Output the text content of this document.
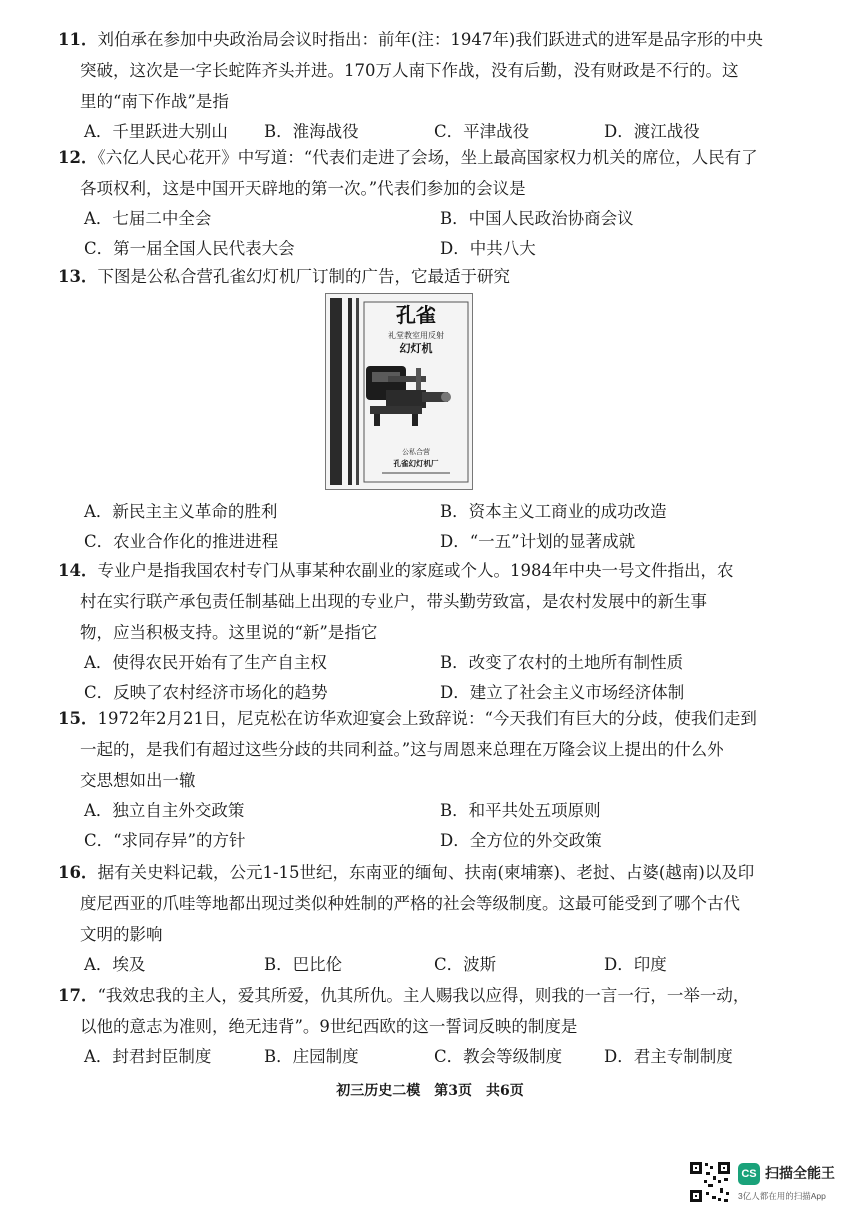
11．刘伯承在参加中央政治局会议时指出：前年(注：1947年)我们跃进式的进军是品字形的中央
突破，这次是一字长蛇阵齐头并进。170万人南下作战，没有后勤，没有财政是不行的。这
里的“南下作战”是指
A．千里跃进大别山	B．淮海战役	C．平津战役	D．渡江战役
12．《六亿人民心花开》中写道：“代表们走进了会场，坐上最高国家权力机关的席位，人民有了
各项权利，这是中国开天辟地的第一次。”代表们参加的会议是
A．七届二中全会	B．中国人民政治协商会议
C．第一届全国人民代表大会	D．中共八大
13．下图是公私合营孔雀幻灯机厂订制的广告，它最适于研究
孔雀
礼堂教室用反射
幻灯机
公私合营
孔雀幻灯机厂
A．新民主主义革命的胜利	B．资本主义工商业的成功改造
C．农业合作化的推进进程	D．“一五”计划的显著成就
14．专业户是指我国农村专门从事某种农副业的家庭或个人。1984年中央一号文件指出，农
村在实行联产承包责任制基础上出现的专业户，带头勤劳致富，是农村发展中的新生事
物，应当积极支持。这里说的“新”是指它
A．使得农民开始有了生产自主权	B．改变了农村的土地所有制性质
C．反映了农村经济市场化的趋势	D．建立了社会主义市场经济体制
15．1972年2月21日，尼克松在访华欢迎宴会上致辞说：“今天我们有巨大的分歧，使我们走到
一起的，是我们有超过这些分歧的共同利益。”这与周恩来总理在万隆会议上提出的什么外
交思想如出一辙
A．独立自主外交政策	B．和平共处五项原则
C．“求同存异”的方针	D．全方位的外交政策
16．据有关史料记载，公元1-15世纪，东南亚的缅甸、扶南(柬埔寨)、老挝、占婆(越南)以及印
度尼西亚的爪哇等地都出现过类似种姓制的严格的社会等级制度。这最可能受到了哪个古代
文明的影响
A．埃及	B．巴比伦	C．波斯	D．印度
17．“我效忠我的主人，爱其所爱，仇其所仇。主人赐我以应得，则我的一言一行，一举一动，
以他的意志为准则，绝无违背”。9世纪西欧的这一誓词反映的制度是
A．封君封臣制度	B．庄园制度	C．教会等级制度	D．君主专制制度
初三历史二模　第3页　共6页
CS 扫描全能王
3亿人都在用的扫描App
